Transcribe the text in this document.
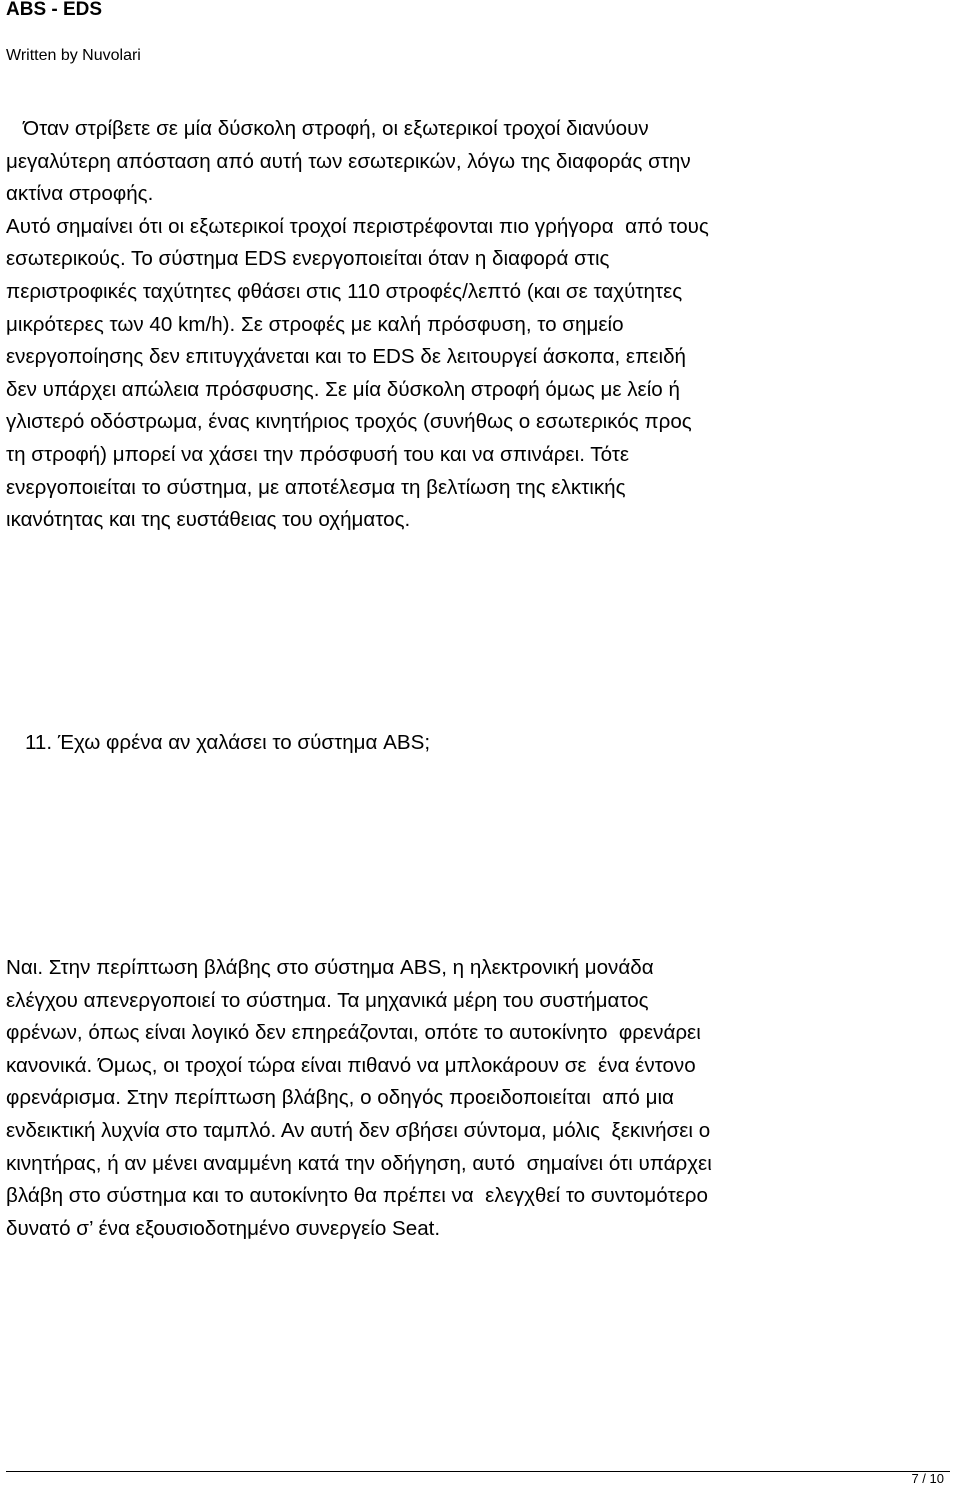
ABS - EDS
Written by Nuvolari
Όταν στρίβετε σε μία δύσκολη στροφή, οι εξωτερικοί τροχοί διανύουν
μεγαλύτερη απόσταση από αυτή των εσωτερικών, λόγω της διαφοράς στην
ακτίνα στροφής.
Αυτό σημαίνει ότι οι εξωτερικοί τροχοί περιστρέφονται πιο γρήγορα  από τους
εσωτερικούς. Το σύστημα EDS ενεργοποιείται όταν η διαφορά στις
περιστροφικές ταχύτητες φθάσει στις 110 στροφές/λεπτό (και σε ταχύτητες
μικρότερες των 40 km/h). Σε στροφές με καλή πρόσφυση, το σημείο
ενεργοποίησης δεν επιτυγχάνεται και το EDS δε λειτουργεί άσκοπα, επειδή
δεν υπάρχει απώλεια πρόσφυσης. Σε μία δύσκολη στροφή όμως με λείο ή
γλιστερό οδόστρωμα, ένας κινητήριος τροχός (συνήθως ο εσωτερικός προς
τη στροφή) μπορεί να χάσει την πρόσφυσή του και να σπινάρει. Τότε
ενεργοποιείται το σύστημα, με αποτέλεσμα τη βελτίωση της ελκτικής
ικανότητας και της ευστάθειας του οχήματος.
11. Έχω φρένα αν χαλάσει το σύστημα ABS;
Ναι. Στην περίπτωση βλάβης στο σύστημα ABS, η ηλεκτρονική μονάδα
ελέγχου απενεργοποιεί το σύστημα. Τα μηχανικά μέρη του συστήματος
φρένων, όπως είναι λογικό δεν επηρεάζονται, οπότε το αυτοκίνητο  φρενάρει
κανονικά. Όμως, οι τροχοί τώρα είναι πιθανό να μπλοκάρουν σε  ένα έντονο
φρενάρισμα. Στην περίπτωση βλάβης, ο οδηγός προειδοποιείται  από μια
ενδεικτική λυχνία στο ταμπλό. Αν αυτή δεν σβήσει σύντομα, μόλις  ξεκινήσει ο
κινητήρας, ή αν μένει αναμμένη κατά την οδήγηση, αυτό  σημαίνει ότι υπάρχει
βλάβη στο σύστημα και το αυτοκίνητο θα πρέπει να  ελεγχθεί το συντομότερο
δυνατό σ’ ένα εξουσιοδοτημένο συνεργείο Seat.
7 / 10
